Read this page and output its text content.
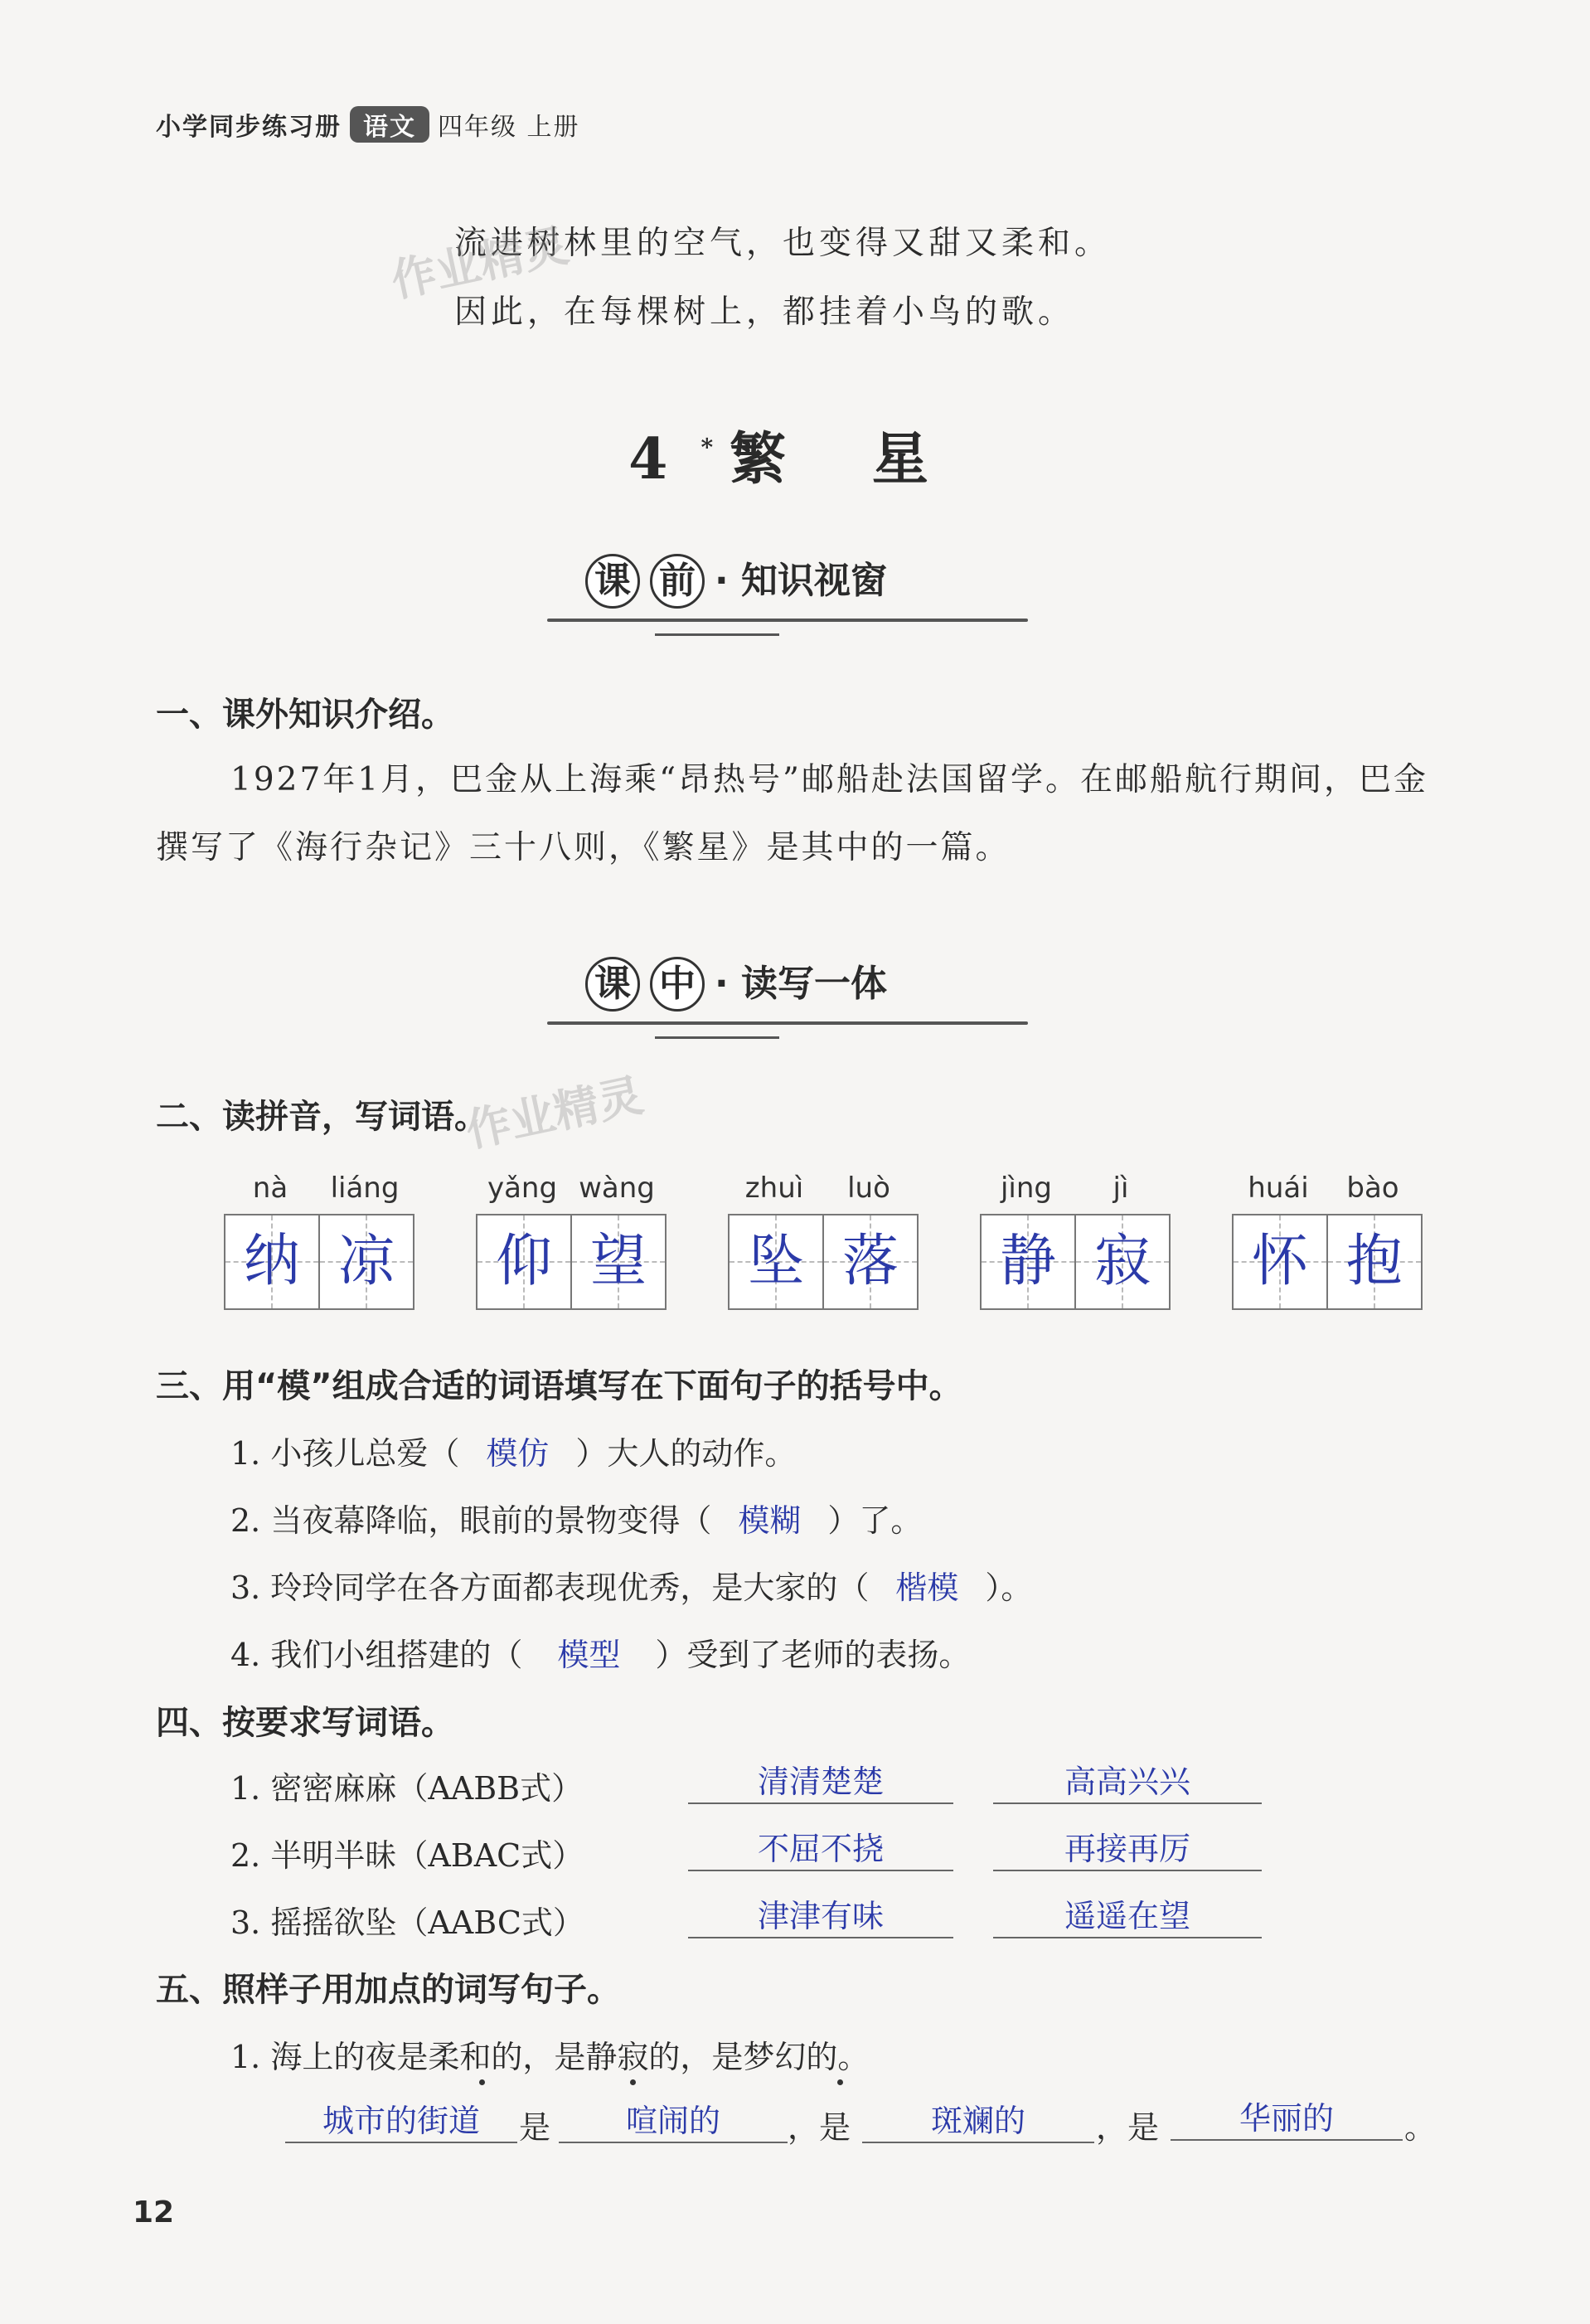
小学同步练习册 语文 四年级 上册
流进树林里的空气，也变得又甜又柔和。
因此，在每棵树上，都挂着小鸟的歌。
作业精灵
4* 繁 星
课 前 · 知识视窗
一、课外知识介绍。
1927年1月，巴金从上海乘“昂热号”邮船赴法国留学。在邮船航行期间，巴金撰写了《海行杂记》三十八则，《繁星》是其中的一篇。
课 中 · 读写一体
二、读拼音，写词语。
作业精灵
nà	liáng
纳 凉
yǎng wàng
仰 望
zhuì	luò
坠 落
jìng	jì
静 寂
huái	bào
怀 抱
三、用“模”组成合适的词语填写在下面句子的括号中。
1. 小孩儿总爱（ 模仿 ）大人的动作。
2. 当夜幕降临，眼前的景物变得（ 模糊 ）了。
3. 玲玲同学在各方面都表现优秀，是大家的（ 楷模 ）。
4. 我们小组搭建的（ 模型 ）受到了老师的表扬。
四、按要求写词语。
1. 密密麻麻（AABB式）	清清楚楚	高高兴兴
2. 半明半昧（ABAC式）	不屈不挠	再接再厉
3. 摇摇欲坠（AABC式）	津津有味	遥遥在望
五、照样子用加点的词写句子。
1. 海上的夜是柔和的，是静寂的，是梦幻的。
城市的街道	是	喧闹的	，是	斑斓的	，是	华丽的	。
12
